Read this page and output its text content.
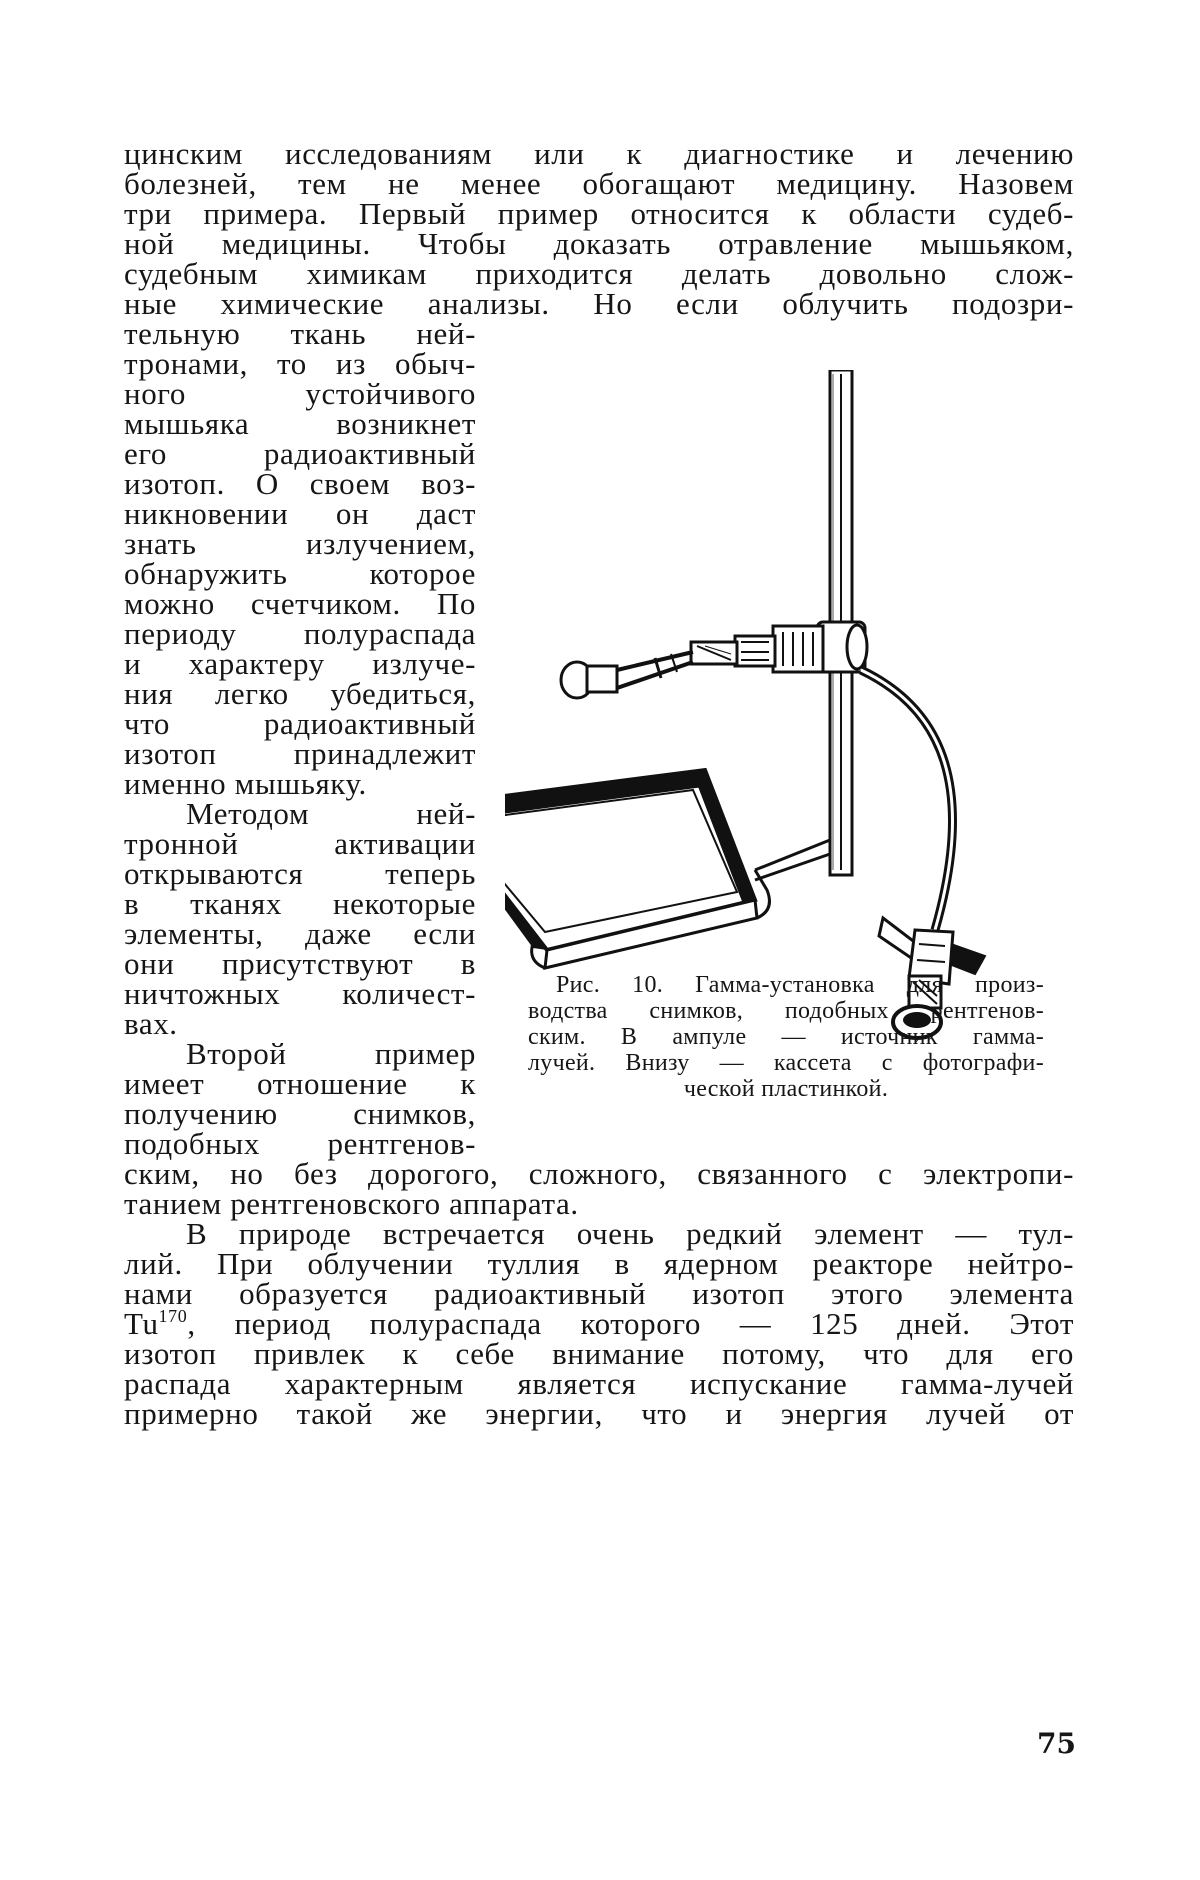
цинским исследованиям или к диагностике и лечению
болезней, тем не менее обогащают медицину. Назовем
три примера. Первый пример относится к области судеб-
ной медицины. Чтобы доказать отравление мышьяком,
судебным химикам приходится делать довольно слож-
ные химические анализы. Но если облучить подозри-
тельную ткань ней-
тронами, то из обыч-
ного устойчивого
мышьяка возникнет
его радиоактивный
изотоп. О своем воз-
никновении он даст
знать излучением,
обнаружить которое
можно счетчиком. По
периоду полураспада
и характеру излуче-
ния легко убедиться,
что радиоактивный
изотоп принадлежит
именно мышьяку.
Методом ней-
тронной активации
открываются теперь
в тканях некоторые
элементы, даже если
они присутствуют в
ничтожных количест-
вах.
Второй пример
имеет отношение к
получению снимков,
подобных рентгенов-
Рис. 10. Гамма-установка для произ-
водства снимков, подобных рентгенов-
ским. В ампуле — источник гамма-
лучей. Внизу — кассета с фотографи-
ческой пластинкой.
ским, но без дорогого, сложного, связанного с электропи-
танием рентгеновского аппарата.
В природе встречается очень редкий элемент — тул-
лий. При облучении туллия в ядерном реакторе нейтро-
нами образуется радиоактивный изотоп этого элемента
Tu$^{170}$, период полураспада которого — 125 дней. Этот
изотоп привлек к себе внимание потому, что для его
распада характерным является испускание гамма-лучей
примерно такой же энергии, что и энергия лучей от
75
